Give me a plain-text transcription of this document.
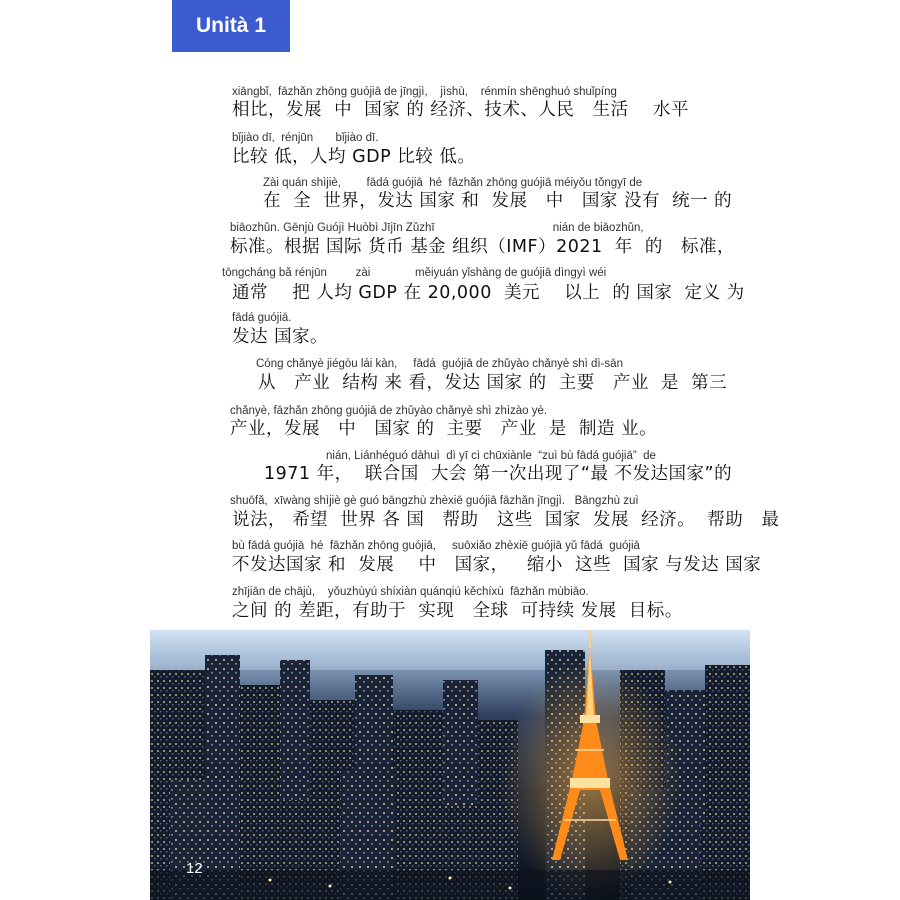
Unità 1
xiāngbǐ,  fāzhǎn zhōng guójiā de jīngjì,    jìshù,    rénmín shēnghuó shuǐpíng
相比，发展  中  国家 的 经济、技术、人民   生活    水平
bǐjiào dī,  rénjūn       bǐjiào dī.
比较 低，人均 GDP 比较 低。
Zài quán shìjiè,        fādá guójiā  hé  fāzhǎn zhōng guójiā méiyǒu tǒngyī de
在  全  世界，发达 国家 和  发展   中   国家 没有  统一 的
biāozhǔn. Gēnjù Guójì Huòbì Jījīn Zǔzhī                                     nián de biāozhǔn,
标准。根据 国际 货币 基金 组织（IMF）2021  年  的   标准，
tōngcháng bǎ rénjūn         zài              měiyuán yǐshàng de guójiā dìngyì wéi
通常    把 人均 GDP 在 20,000  美元    以上  的 国家  定义 为
fādá guójiā.
发达 国家。
Cóng chǎnyè jiégòu lái kàn,     fādá  guójiā de zhǔyào chǎnyè shì dì-sān
从   产业  结构 来 看，发达 国家 的  主要   产业  是  第三
chǎnyè, fāzhǎn zhōng guójiā de zhǔyào chǎnyè shì zhìzào yè.
产业，发展   中   国家 的  主要   产业  是  制造 业。
nián, Liánhéguó dàhuì  dì yī cì chūxiànle  “zuì bù fādá guójiā”  de
1971 年，  联合国  大会 第一次出现了“最 不发达国家”的
shuōfǎ,  xīwàng shìjiè gè guó bāngzhù zhèxiē guójiā fāzhǎn jīngjì.   Bāngzhù zuì
说法， 希望  世界 各 国   帮助   这些  国家  发展  经济。  帮助   最
bù fādá guójiā  hé  fāzhǎn zhōng guójiā,     suōxiǎo zhèxiē guójiā yǔ fādá  guójiā
不发达国家 和  发展    中   国家，   缩小  这些  国家 与发达 国家
zhījiān de chājù,    yǒuzhùyú shíxiàn quánqiú kěchíxù  fāzhǎn mùbiāo.
之间 的 差距，有助于  实现   全球  可持续 发展  目标。
12
